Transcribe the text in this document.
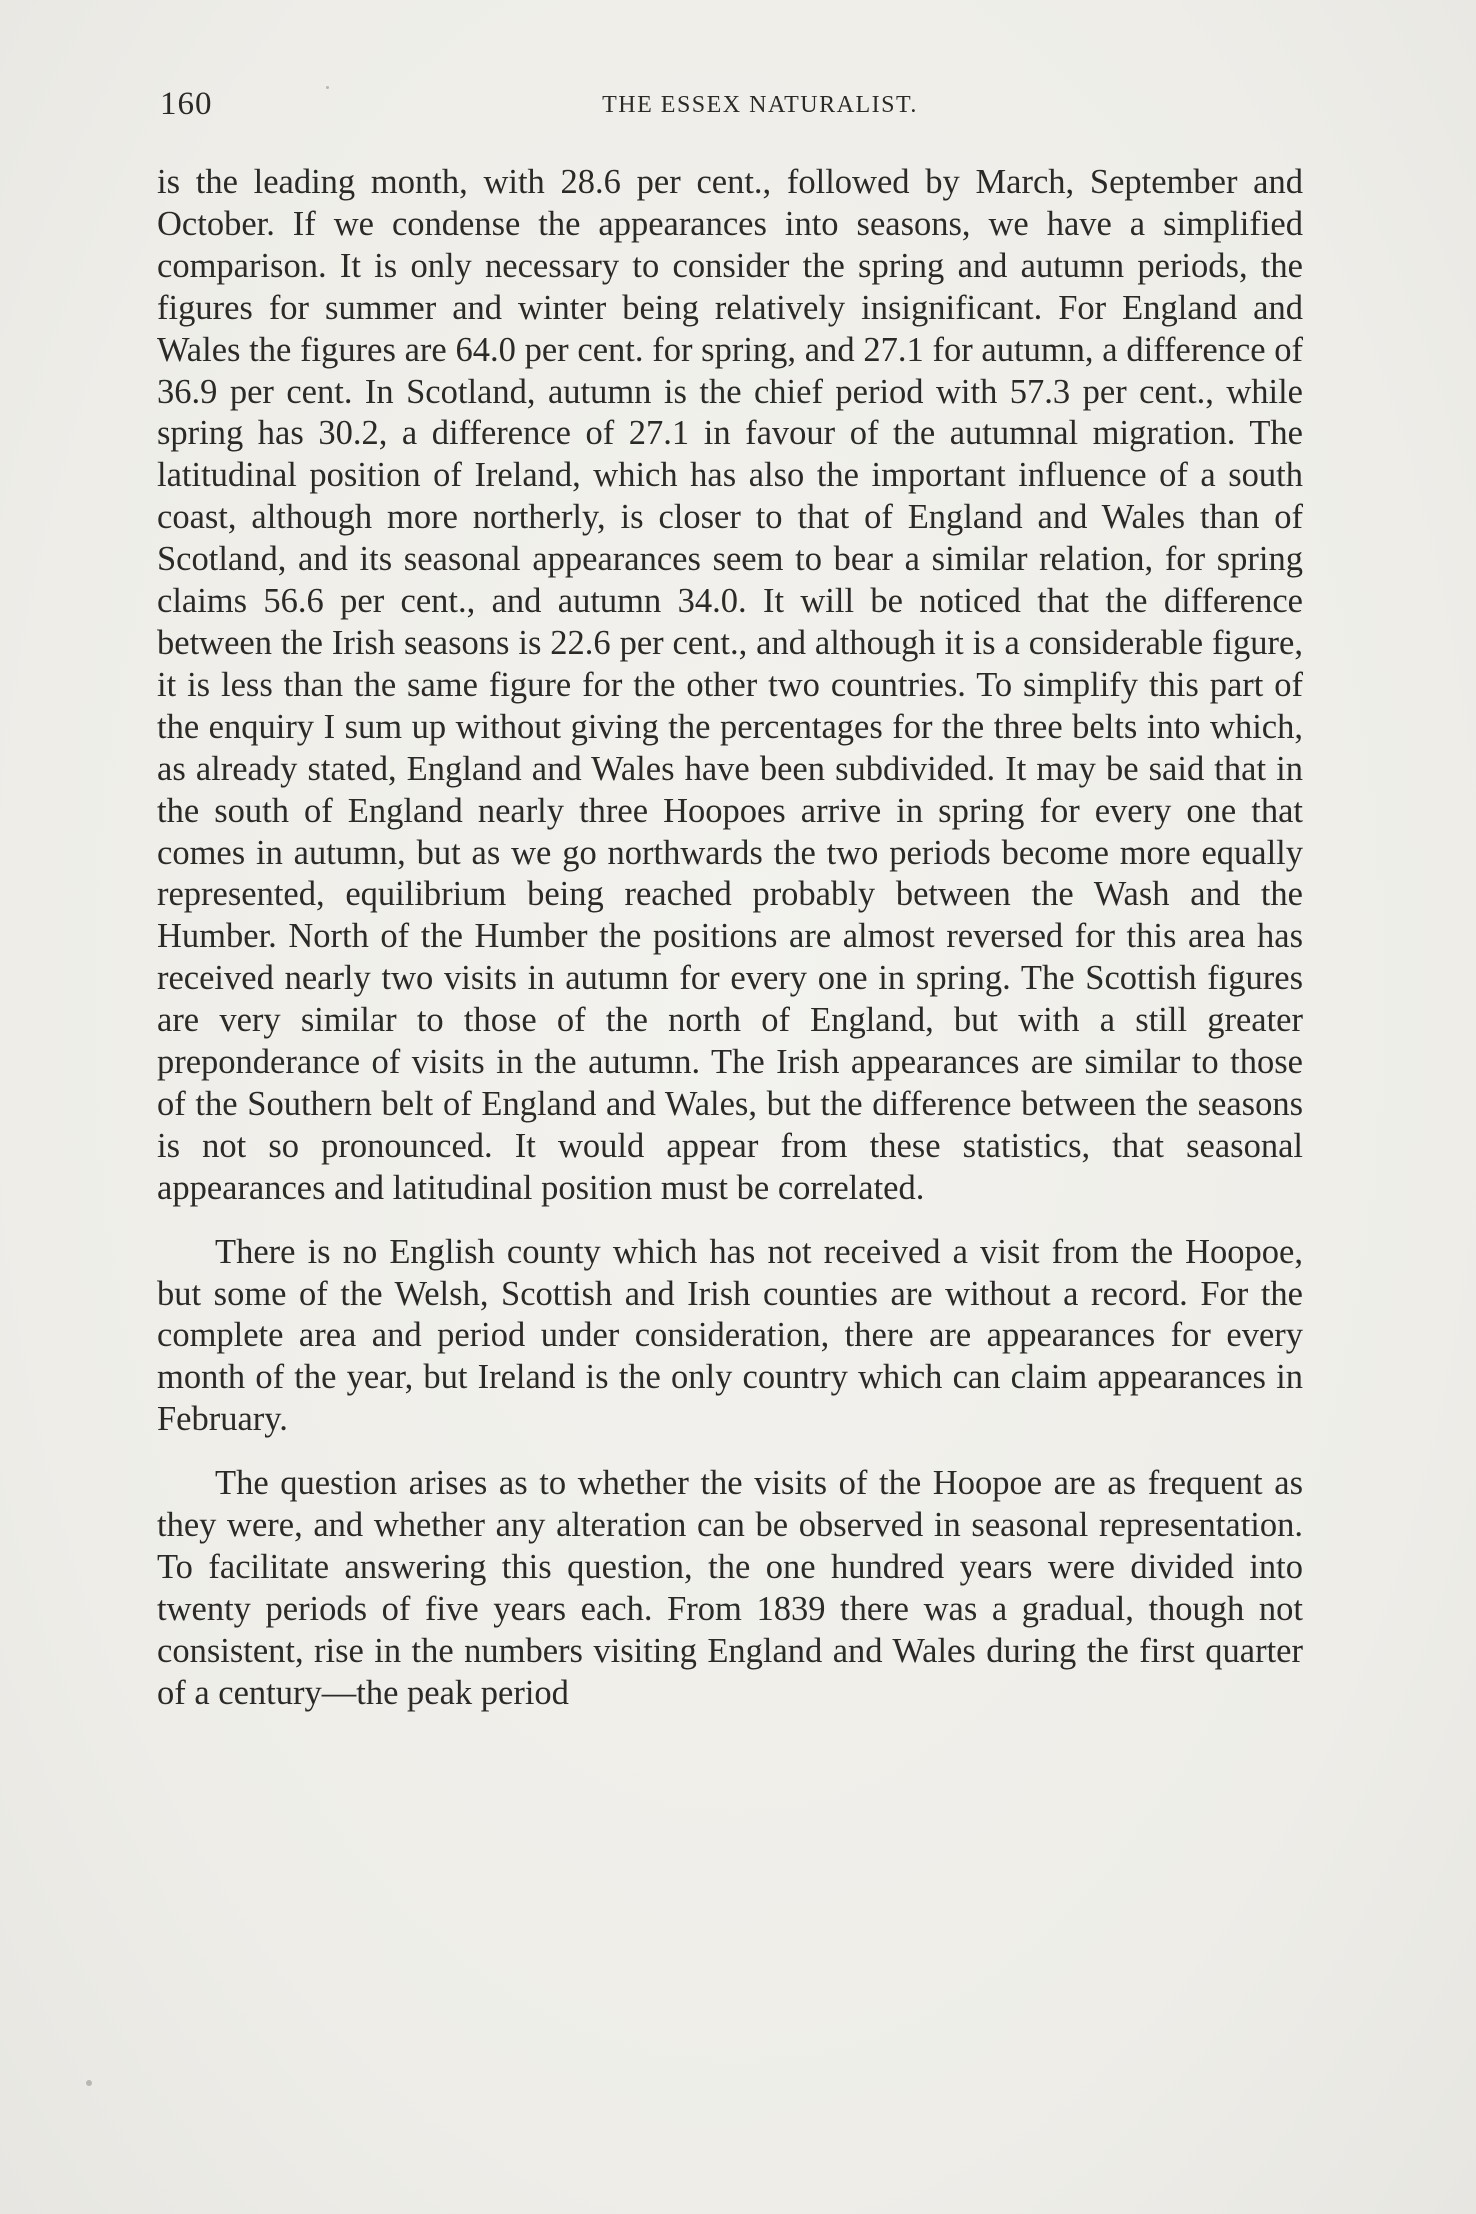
160	THE ESSEX NATURALIST.

is the leading month, with 28.6 per cent., followed by March, September and October. If we condense the appearances into seasons, we have a simplified comparison. It is only necessary to consider the spring and autumn periods, the figures for summer and winter being relatively insignificant. For England and Wales the figures are 64.0 per cent. for spring, and 27.1 for autumn, a difference of 36.9 per cent. In Scotland, autumn is the chief period with 57.3 per cent., while spring has 30.2, a difference of 27.1 in favour of the autumnal migration. The latitudinal position of Ireland, which has also the important influence of a south coast, although more northerly, is closer to that of England and Wales than of Scotland, and its seasonal appearances seem to bear a similar relation, for spring claims 56.6 per cent., and autumn 34.0. It will be noticed that the difference between the Irish seasons is 22.6 per cent., and although it is a considerable figure, it is less than the same figure for the other two countries. To simplify this part of the enquiry I sum up without giving the percentages for the three belts into which, as already stated, England and Wales have been subdivided. It may be said that in the south of England nearly three Hoopoes arrive in spring for every one that comes in autumn, but as we go northwards the two periods become more equally represented, equilibrium being reached probably between the Wash and the Humber. North of the Humber the positions are almost reversed for this area has received nearly two visits in autumn for every one in spring. The Scottish figures are very similar to those of the north of England, but with a still greater preponderance of visits in the autumn. The Irish appearances are similar to those of the Southern belt of England and Wales, but the difference between the seasons is not so pronounced. It would appear from these statistics, that seasonal appearances and latitudinal position must be correlated.

There is no English county which has not received a visit from the Hoopoe, but some of the Welsh, Scottish and Irish counties are without a record. For the complete area and period under consideration, there are appearances for every month of the year, but Ireland is the only country which can claim appearances in February.

The question arises as to whether the visits of the Hoopoe are as frequent as they were, and whether any alteration can be observed in seasonal representation. To facilitate answering this question, the one hundred years were divided into twenty periods of five years each. From 1839 there was a gradual, though not consistent, rise in the numbers visiting England and Wales during the first quarter of a century—the peak period
